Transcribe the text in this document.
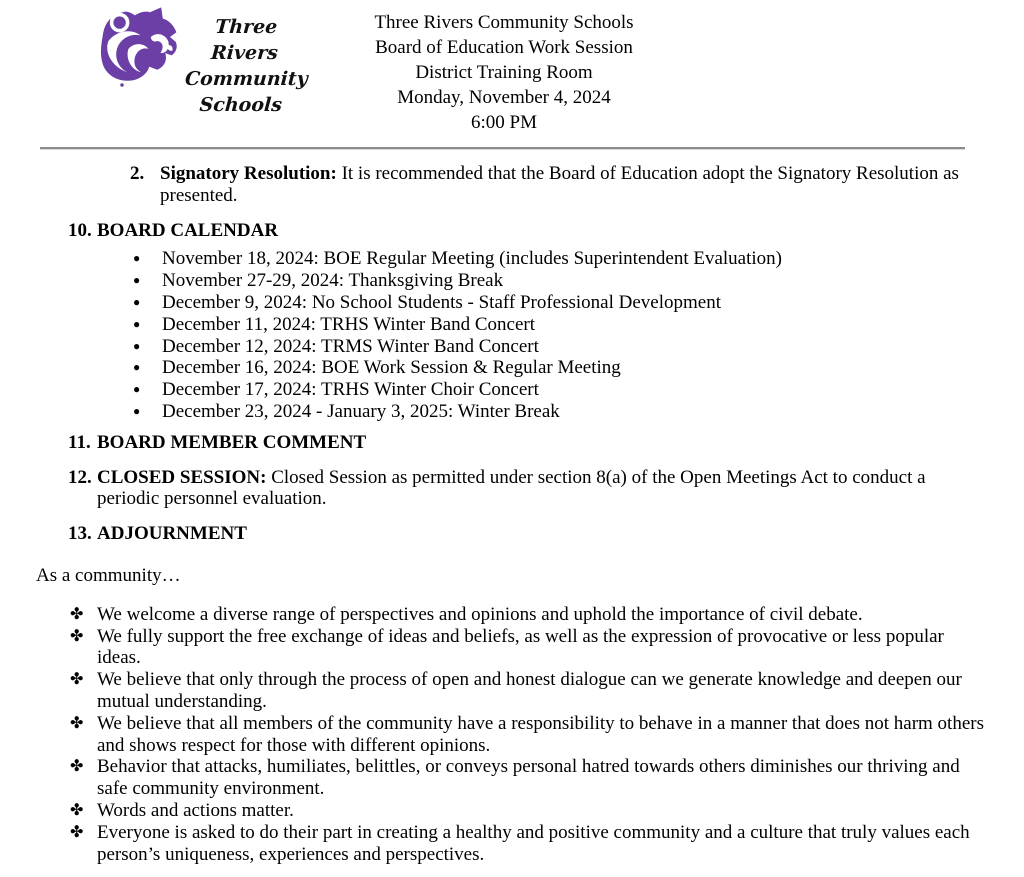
Three Rivers
Community
Schools
Three Rivers Community Schools
Board of Education Work Session
District Training Room
Monday, November 4, 2024
6:00 PM
2. Signatory Resolution: It is recommended that the Board of Education adopt the Signatory Resolution as presented.

10. BOARD CALENDAR
●	November 18, 2024: BOE Regular Meeting (includes Superintendent Evaluation)
●	November 27-29, 2024: Thanksgiving Break
●	December 9, 2024: No School Students - Staff Professional Development
●	December 11, 2024: TRHS Winter Band Concert
●	December 12, 2024: TRMS Winter Band Concert
●	December 16, 2024: BOE Work Session & Regular Meeting
●	December 17, 2024: TRHS Winter Choir Concert
●	December 23, 2024 - January 3, 2025: Winter Break
11. BOARD MEMBER COMMENT
12. CLOSED SESSION: Closed Session as permitted under section 8(a) of the Open Meetings Act to conduct a periodic personnel evaluation.

13. ADJOURNMENT

As a community…

✤ We welcome a diverse range of perspectives and opinions and uphold the importance of civil debate.
✤ We fully support the free exchange of ideas and beliefs, as well as the expression of provocative or less popular ideas.
✤ We believe that only through the process of open and honest dialogue can we generate knowledge and deepen our mutual understanding.
✤ We believe that all members of the community have a responsibility to behave in a manner that does not harm others and shows respect for those with different opinions.
✤ Behavior that attacks, humiliates, belittles, or conveys personal hatred towards others diminishes our thriving and safe community environment.
✤ Words and actions matter.
✤ Everyone is asked to do their part in creating a healthy and positive community and a culture that truly values each person’s uniqueness, experiences and perspectives.
